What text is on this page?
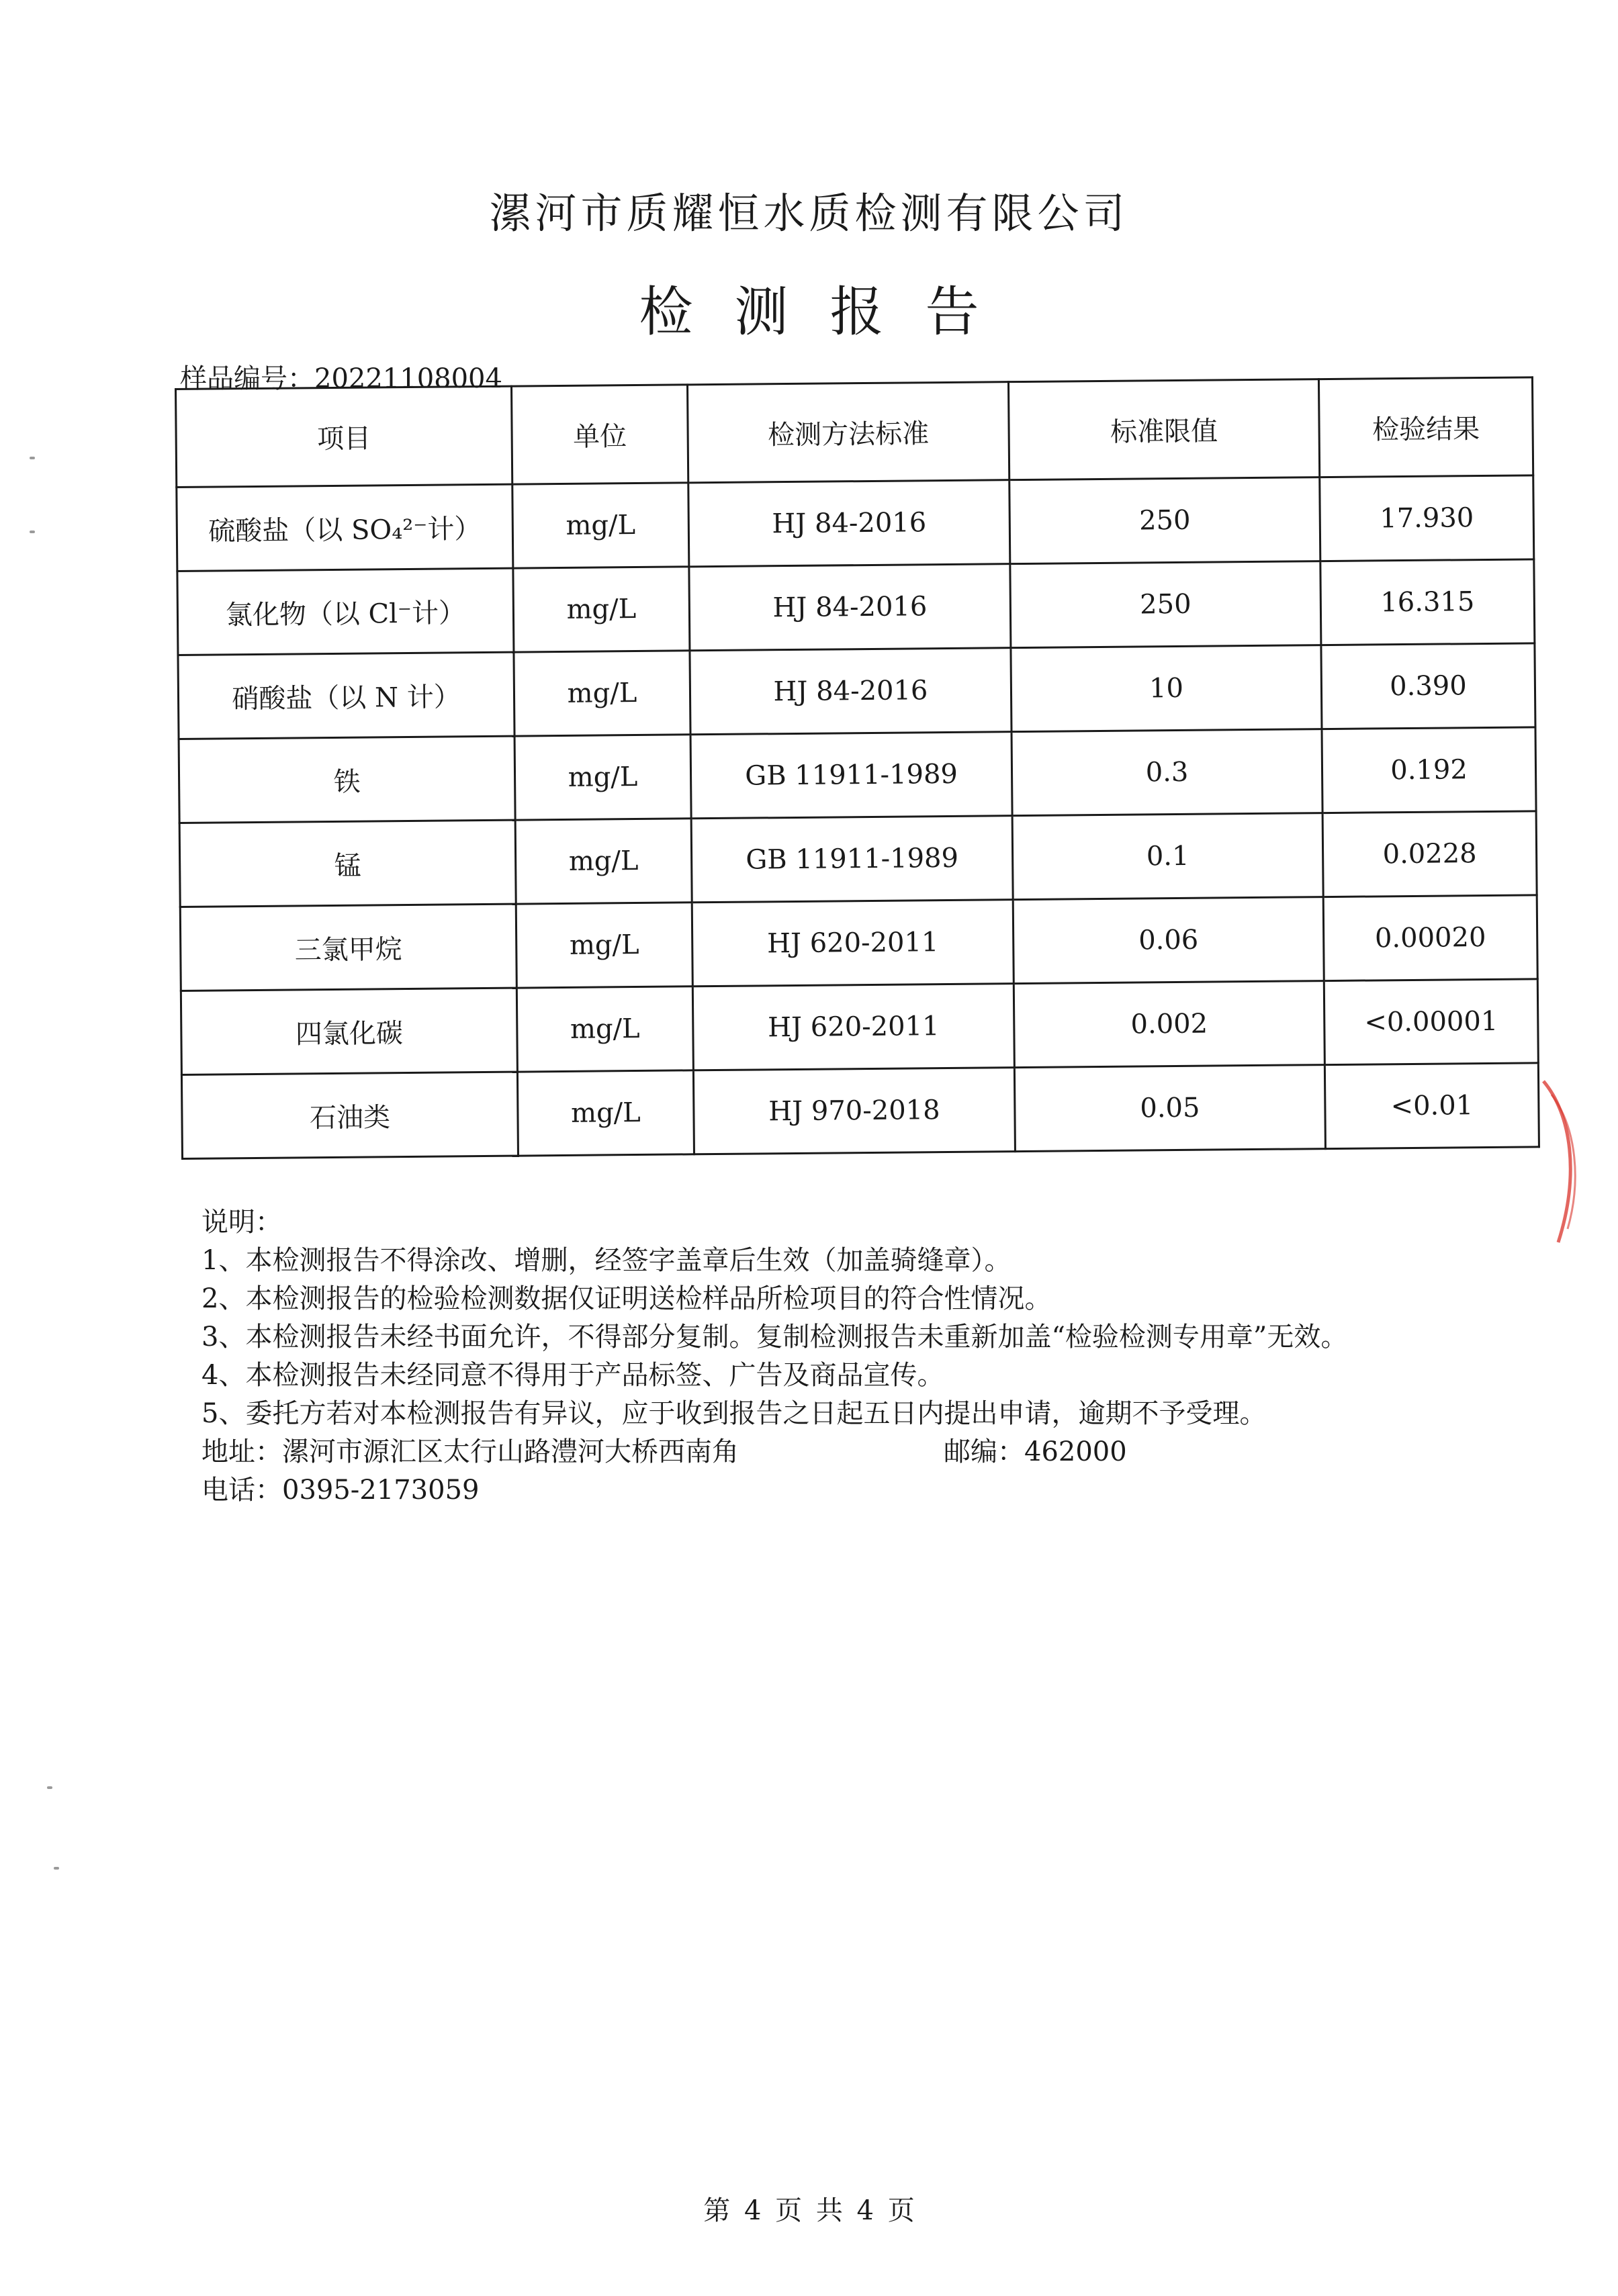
漯河市质耀恒水质检测有限公司
检测报告
样品编号：20221108004
项目	单位	检测方法标准	标准限值	检验结果
硫酸盐（以 SO₄²⁻计）	mg/L	HJ 84-2016	250	17.930
氯化物（以 Cl⁻计）	mg/L	HJ 84-2016	250	16.315
硝酸盐（以 N 计）	mg/L	HJ 84-2016	10	0.390
铁	mg/L	GB 11911-1989	0.3	0.192
锰	mg/L	GB 11911-1989	0.1	0.0228
三氯甲烷	mg/L	HJ 620-2011	0.06	0.00020
四氯化碳	mg/L	HJ 620-2011	0.002	<0.00001
石油类	mg/L	HJ 970-2018	0.05	<0.01
说明：
1、本检测报告不得涂改、增删，经签字盖章后生效（加盖骑缝章）。
2、本检测报告的检验检测数据仅证明送检样品所检项目的符合性情况。
3、本检测报告未经书面允许，不得部分复制。复制检测报告未重新加盖“检验检测专用章”无效。
4、本检测报告未经同意不得用于产品标签、广告及商品宣传。
5、委托方若对本检测报告有异议，应于收到报告之日起五日内提出申请，逾期不予受理。
地址：漯河市源汇区太行山路澧河大桥西南角	邮编：462000
电话：0395-2173059
第 4 页 共 4 页
